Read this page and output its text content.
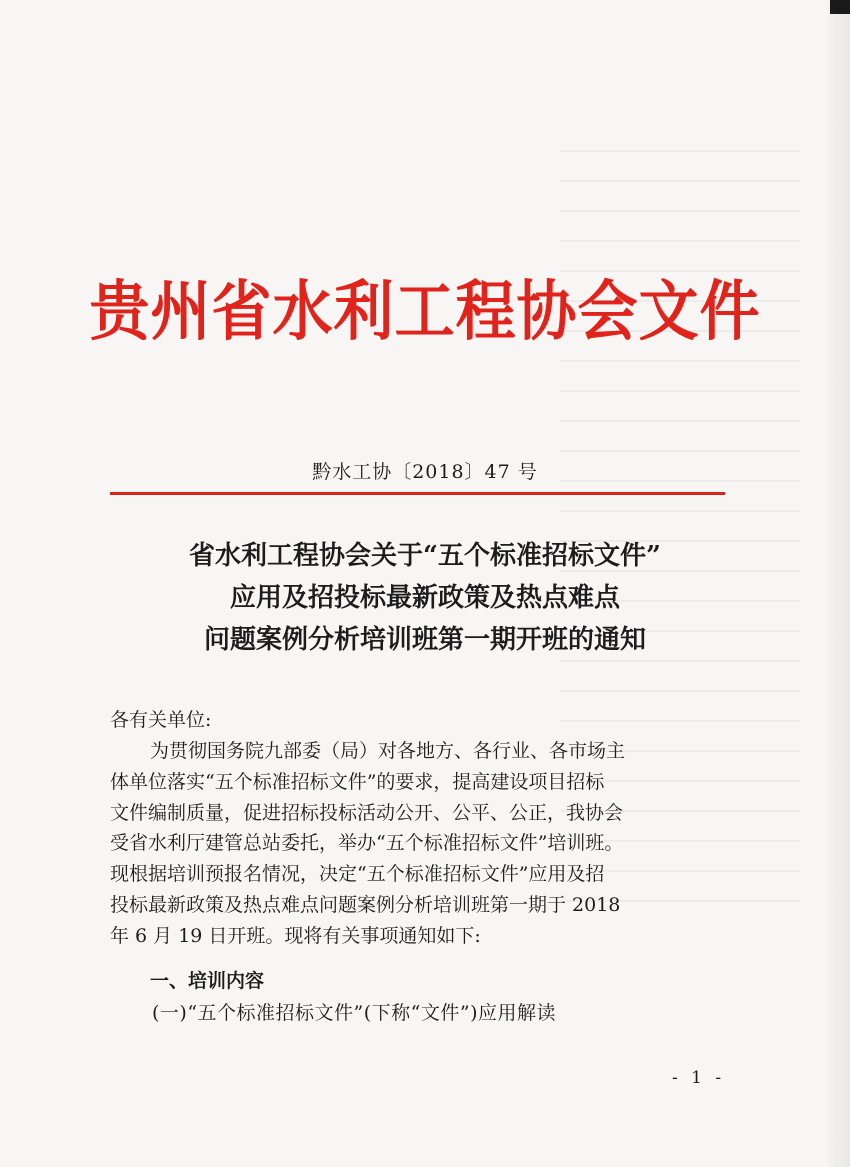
贵州省水利工程协会文件
黔水工协〔2018〕47 号
省水利工程协会关于“五个标准招标文件”
应用及招投标最新政策及热点难点
问题案例分析培训班第一期开班的通知
各有关单位:
为贯彻国务院九部委（局）对各地方、各行业、各市场主
体单位落实“五个标准招标文件”的要求，提高建设项目招标
文件编制质量，促进招标投标活动公开、公平、公正，我协会
受省水利厅建管总站委托，举办“五个标准招标文件”培训班。
现根据培训预报名情况，决定“五个标准招标文件”应用及招
投标最新政策及热点难点问题案例分析培训班第一期于 2018
年 6 月 19 日开班。现将有关事项通知如下:
一、培训内容
(一)“五个标准招标文件”(下称“文件”)应用解读
- 1 -
